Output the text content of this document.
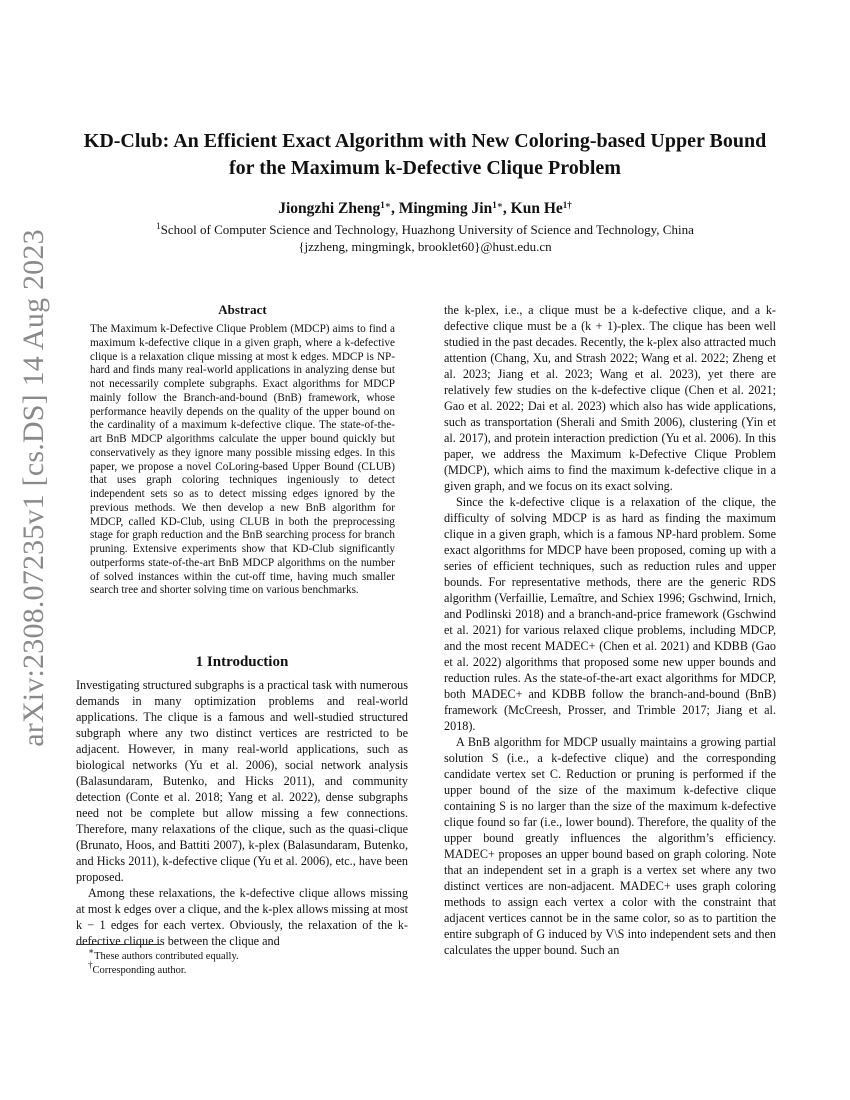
arXiv:2308.07235v1 [cs.DS] 14 Aug 2023
KD-Club: An Efficient Exact Algorithm with New Coloring-based Upper Bound
for the Maximum k-Defective Clique Problem
Jiongzhi Zheng$^{1∗}$, Mingming Jin$^{1∗}$, Kun $He^{1\dagger}$
$^1$School of Computer Science and Technology, Huazhong University of Science and Technology, China
{jzzheng, mingmingk, brooklet60}@hust.edu.cn
Abstract

The Maximum k-Defective Clique Problem (MDCP) aims to find a maximum k-defective clique in a given graph, where a k-defective clique is a relaxation clique missing at most k edges. MDCP is NP-hard and finds many real-world applications in analyzing dense but not necessarily complete subgraphs. Exact algorithms for MDCP mainly follow the Branch-and-bound (BnB) framework, whose performance heavily depends on the quality of the upper bound on the cardinality of a maximum k-defective clique. The state-of-the-art BnB MDCP algorithms calculate the upper bound quickly but conservatively as they ignore many possible missing edges. In this paper, we propose a novel CoLoring-based Upper Bound (CLUB) that uses graph coloring techniques ingeniously to detect independent sets so as to detect missing edges ignored by the previous methods. We then develop a new BnB algorithm for MDCP, called KD-Club, using CLUB in both the preprocessing stage for graph reduction and the BnB searching process for branch pruning. Extensive experiments show that KD-Club significantly outperforms state-of-the-art BnB MDCP algorithms on the number of solved instances within the cut-off time, having much smaller search tree and shorter solving time on various benchmarks.

1 Introduction

Investigating structured subgraphs is a practical task with numerous demands in many optimization problems and real-world applications. The clique is a famous and well-studied structured subgraph where any two distinct vertices are restricted to be adjacent. However, in many real-world applications, such as biological networks (Yu et al. 2006), social network analysis (Balasundaram, Butenko, and Hicks 2011), and community detection (Conte et al. 2018; Yang et al. 2022), dense subgraphs need not be complete but allow missing a few connections. Therefore, many relaxations of the clique, such as the quasi-clique (Brunato, Hoos, and Battiti 2007), k-plex (Balasundaram, Butenko, and Hicks 2011), k-defective clique (Yu et al. 2006), etc., have been proposed.

Among these relaxations, the k-defective clique allows missing at most k edges over a clique, and the k-plex allows missing at most k − 1 edges for each vertex. Obviously, the relaxation of the k-defective clique is between the clique and

the k-plex, i.e., a clique must be a k-defective clique, and a k-defective clique must be a (k + 1)-plex. The clique has been well studied in the past decades. Recently, the k-plex also attracted much attention (Chang, Xu, and Strash 2022; Wang et al. 2022; Zheng et al. 2023; Jiang et al. 2023; Wang et al. 2023), yet there are relatively few studies on the k-defective clique (Chen et al. 2021; Gao et al. 2022; Dai et al. 2023) which also has wide applications, such as transportation (Sherali and Smith 2006), clustering (Yin et al. 2017), and protein interaction prediction (Yu et al. 2006). In this paper, we address the Maximum k-Defective Clique Problem (MDCP), which aims to find the maximum k-defective clique in a given graph, and we focus on its exact solving.

Since the k-defective clique is a relaxation of the clique, the difficulty of solving MDCP is as hard as finding the maximum clique in a given graph, which is a famous NP-hard problem. Some exact algorithms for MDCP have been proposed, coming up with a series of efficient techniques, such as reduction rules and upper bounds. For representative methods, there are the generic RDS algorithm (Verfaillie, Lemaître, and Schiex 1996; Gschwind, Irnich, and Podlinski 2018) and a branch-and-price framework (Gschwind et al. 2021) for various relaxed clique problems, including MDCP, and the most recent MADEC+ (Chen et al. 2021) and KDBB (Gao et al. 2022) algorithms that proposed some new upper bounds and reduction rules. As the state-of-the-art exact algorithms for MDCP, both MADEC+ and KDBB follow the branch-and-bound (BnB) framework (McCreesh, Prosser, and Trimble 2017; Jiang et al. 2018).

A BnB algorithm for MDCP usually maintains a growing partial solution S (i.e., a k-defective clique) and the corresponding candidate vertex set C. Reduction or pruning is performed if the upper bound of the size of the maximum k-defective clique containing S is no larger than the size of the maximum k-defective clique found so far (i.e., lower bound). Therefore, the quality of the upper bound greatly influences the algorithm’s efficiency. MADEC+ proposes an upper bound based on graph coloring. Note that an independent set in a graph is a vertex set where any two distinct vertices are non-adjacent. MADEC+ uses graph coloring methods to assign each vertex a color with the constraint that adjacent vertices cannot be in the same color, so as to partition the entire subgraph of G induced by V\S into independent sets and then calculates the upper bound. Such an

∗These authors contributed equally.
†Corresponding author.
